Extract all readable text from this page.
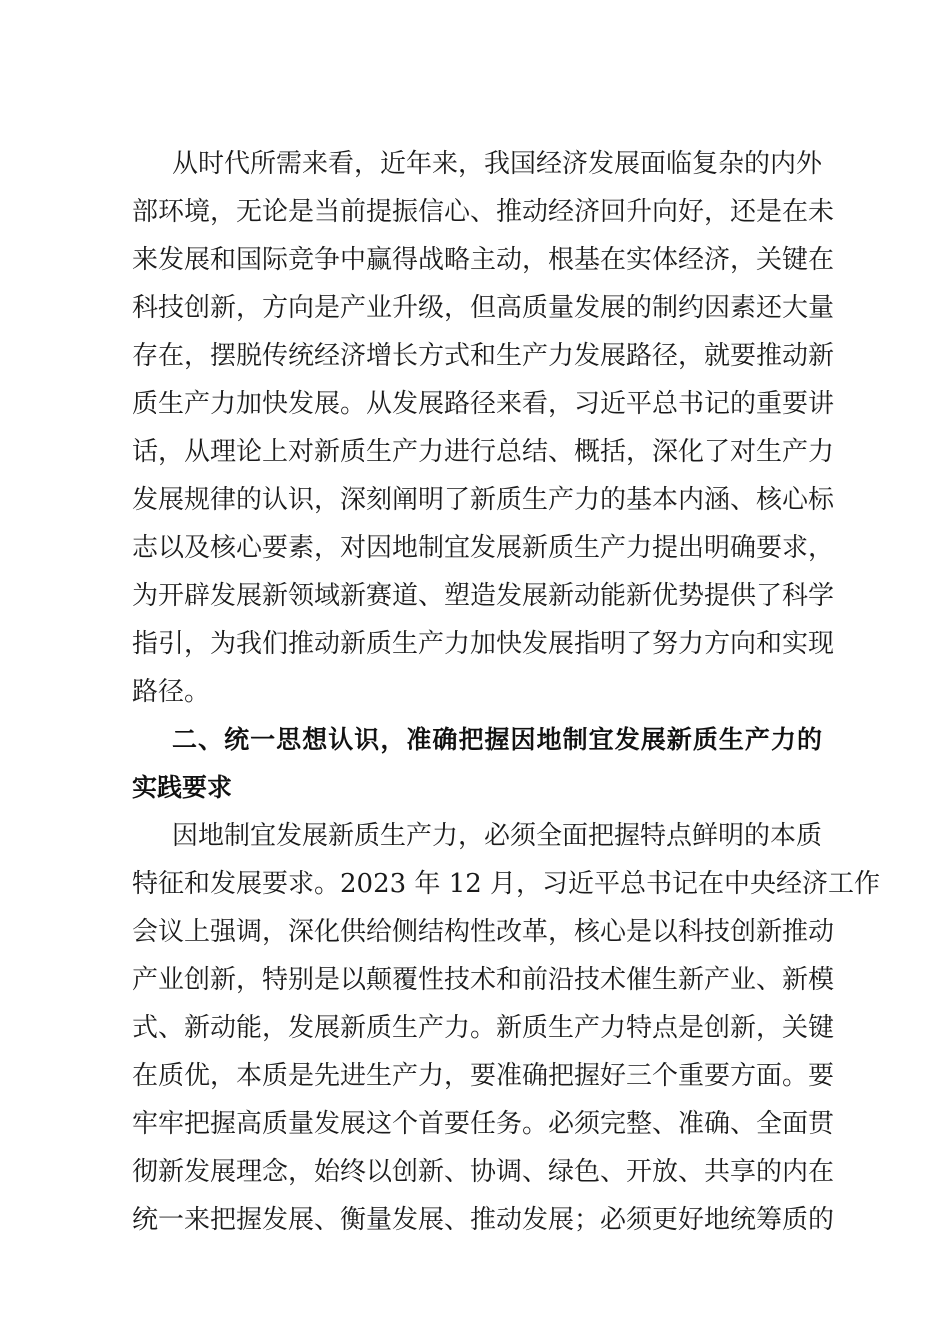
从时代所需来看，近年来，我国经济发展面临复杂的内外
部环境，无论是当前提振信心、推动经济回升向好，还是在未
来发展和国际竞争中赢得战略主动，根基在实体经济，关键在
科技创新，方向是产业升级，但高质量发展的制约因素还大量
存在，摆脱传统经济增长方式和生产力发展路径，就要推动新
质生产力加快发展。从发展路径来看，习近平总书记的重要讲
话，从理论上对新质生产力进行总结、概括，深化了对生产力
发展规律的认识，深刻阐明了新质生产力的基本内涵、核心标
志以及核心要素，对因地制宜发展新质生产力提出明确要求，
为开辟发展新领域新赛道、塑造发展新动能新优势提供了科学
指引，为我们推动新质生产力加快发展指明了努力方向和实现
路径。
二、统一思想认识，准确把握因地制宜发展新质生产力的
实践要求
因地制宜发展新质生产力，必须全面把握特点鲜明的本质
特征和发展要求。2023 年 12 月，习近平总书记在中央经济工作
会议上强调，深化供给侧结构性改革，核心是以科技创新推动
产业创新，特别是以颠覆性技术和前沿技术催生新产业、新模
式、新动能，发展新质生产力。新质生产力特点是创新，关键
在质优，本质是先进生产力，要准确把握好三个重要方面。要
牢牢把握高质量发展这个首要任务。必须完整、准确、全面贯
彻新发展理念，始终以创新、协调、绿色、开放、共享的内在
统一来把握发展、衡量发展、推动发展；必须更好地统筹质的
